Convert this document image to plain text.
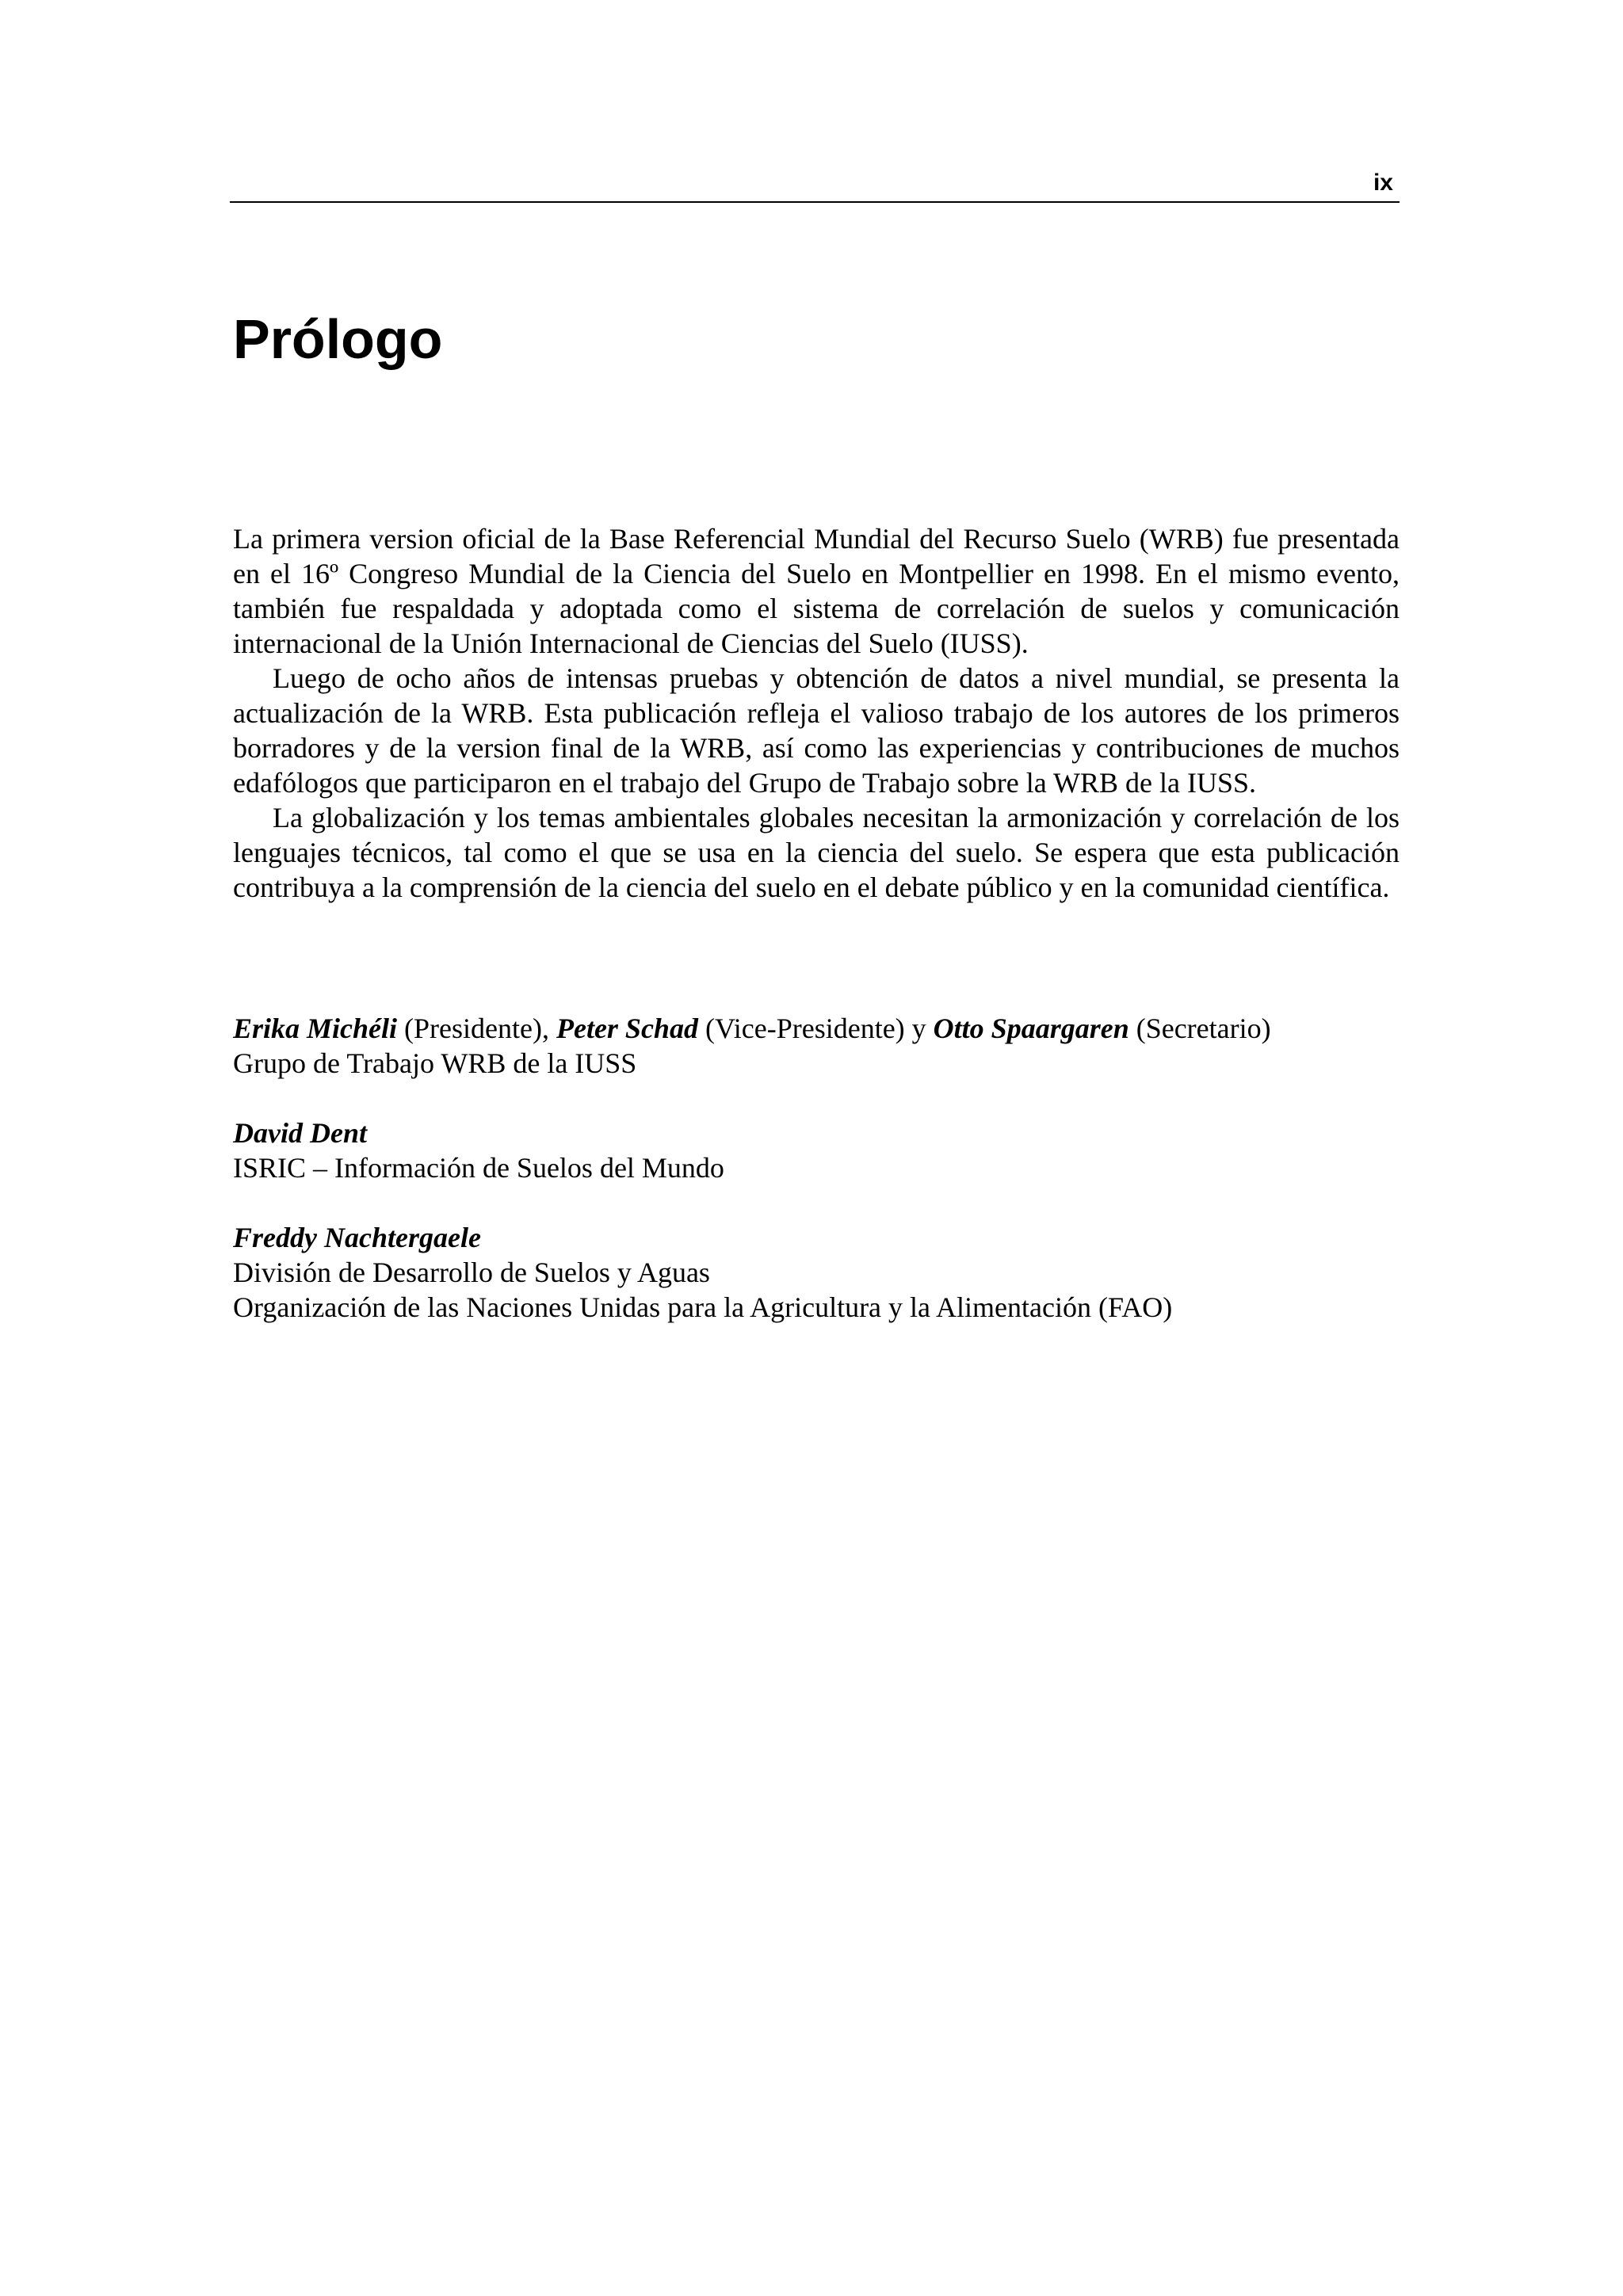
ix
Prólogo

La primera version oficial de la Base Referencial Mundial del Recurso Suelo (WRB) fue presentada en el 16º Congreso Mundial de la Ciencia del Suelo en Montpellier en 1998. En el mismo evento, también fue respaldada y adoptada como el sistema de correlación de suelos y comunicación internacional de la Unión Internacional de Ciencias del Suelo (IUSS).

Luego de ocho años de intensas pruebas y obtención de datos a nivel mundial, se presenta la actualización de la WRB. Esta publicación refleja el valioso trabajo de los autores de los primeros borradores y de la version final de la WRB, así como las experiencias y contribuciones de muchos edafólogos que participaron en el trabajo del Grupo de Trabajo sobre la WRB de la IUSS.

La globalización y los temas ambientales globales necesitan la armonización y correlación de los lenguajes técnicos, tal como el que se usa en la ciencia del suelo. Se espera que esta publicación contribuya a la comprensión de la ciencia del suelo en el debate público y en la comunidad científica.

Erika Michéli (Presidente), Peter Schad (Vice-Presidente) y Otto Spaargaren (Secretario)
Grupo de Trabajo WRB de la IUSS
David Dent
ISRIC – Información de Suelos del Mundo
Freddy Nachtergaele
División de Desarrollo de Suelos y Aguas
Organización de las Naciones Unidas para la Agricultura y la Alimentación (FAO)
